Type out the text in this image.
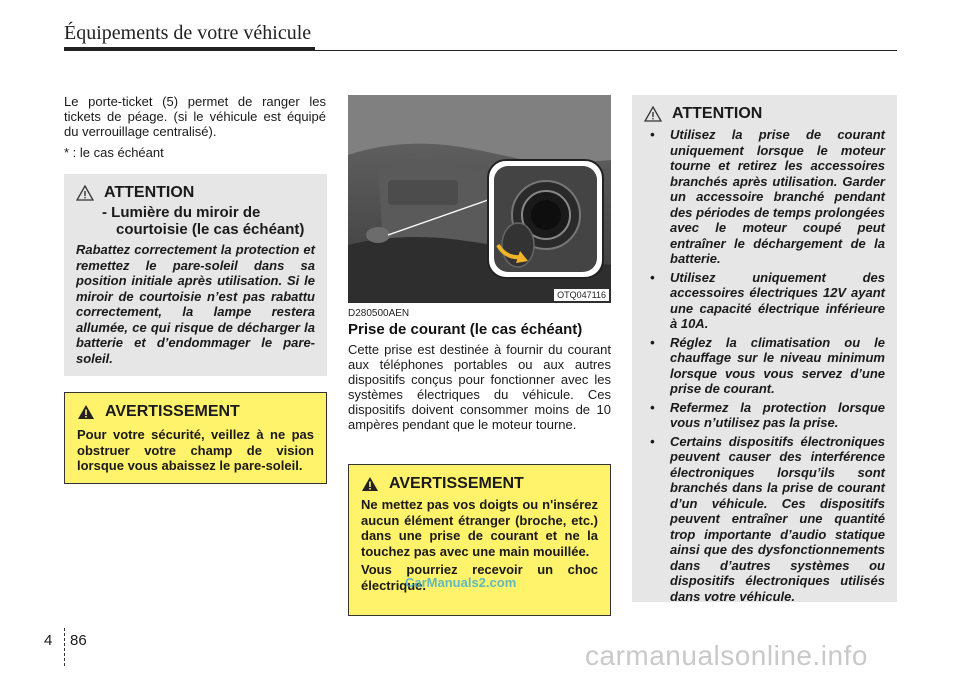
Équipements de votre véhicule

Le porte-ticket (5) permet de ranger les tickets de péage. (si le véhicule est équipé du verrouillage centralisé).

* : le cas échéant

ATTENTION
- Lumière du miroir de
courtoisie (le cas échéant)
Rabattez correctement la protection et remettez le pare-soleil dans sa position initiale après utilisation. Si le miroir de courtoisie n’est pas rabattu correctement, la lampe restera allumée, ce qui risque de décharger la batterie et d’endommager le pare-soleil.
AVERTISSEMENT
Pour votre sécurité, veillez à ne pas obstruer votre champ de vision lorsque vous abaissez le pare-soleil.
OTQ047116
D280500AEN
Prise de courant (le cas échéant)
Cette prise est destinée à fournir du courant aux téléphones portables ou aux autres dispositifs conçus pour fonctionner avec les systèmes électriques du véhicule. Ces dispositifs doivent consommer moins de 10 ampères pendant que le moteur tourne.
AVERTISSEMENT
Ne mettez pas vos doigts ou n'insérez aucun élément étranger (broche, etc.) dans une prise de courant et ne la touchez pas avec une main mouillée.
Vous pourriez recevoir un choc électrique.
ATTENTION
• Utilisez la prise de courant uniquement lorsque le moteur tourne et retirez les accessoires branchés après utilisation. Garder un accessoire branché pendant des périodes de temps prolongées avec le moteur coupé peut entraîner le déchargement de la batterie.
• Utilisez uniquement des accessoires électriques 12V ayant une capacité électrique inférieure à 10A.
• Réglez la climatisation ou le chauffage sur le niveau minimum lorsque vous vous servez d’une prise de courant.
• Refermez la protection lorsque vous n’utilisez pas la prise.
• Certains dispositifs électroniques peuvent causer des interférence électroniques lorsqu’ils sont branchés dans la prise de courant d’un véhicule. Ces dispositifs peuvent entraîner une quantité trop importante d’audio statique ainsi que des dysfonctionnements dans d’autres systèmes ou dispositifs électroniques utilisés dans votre véhicule.
CarManuals2.com
4 86	carmanualsonline.info
